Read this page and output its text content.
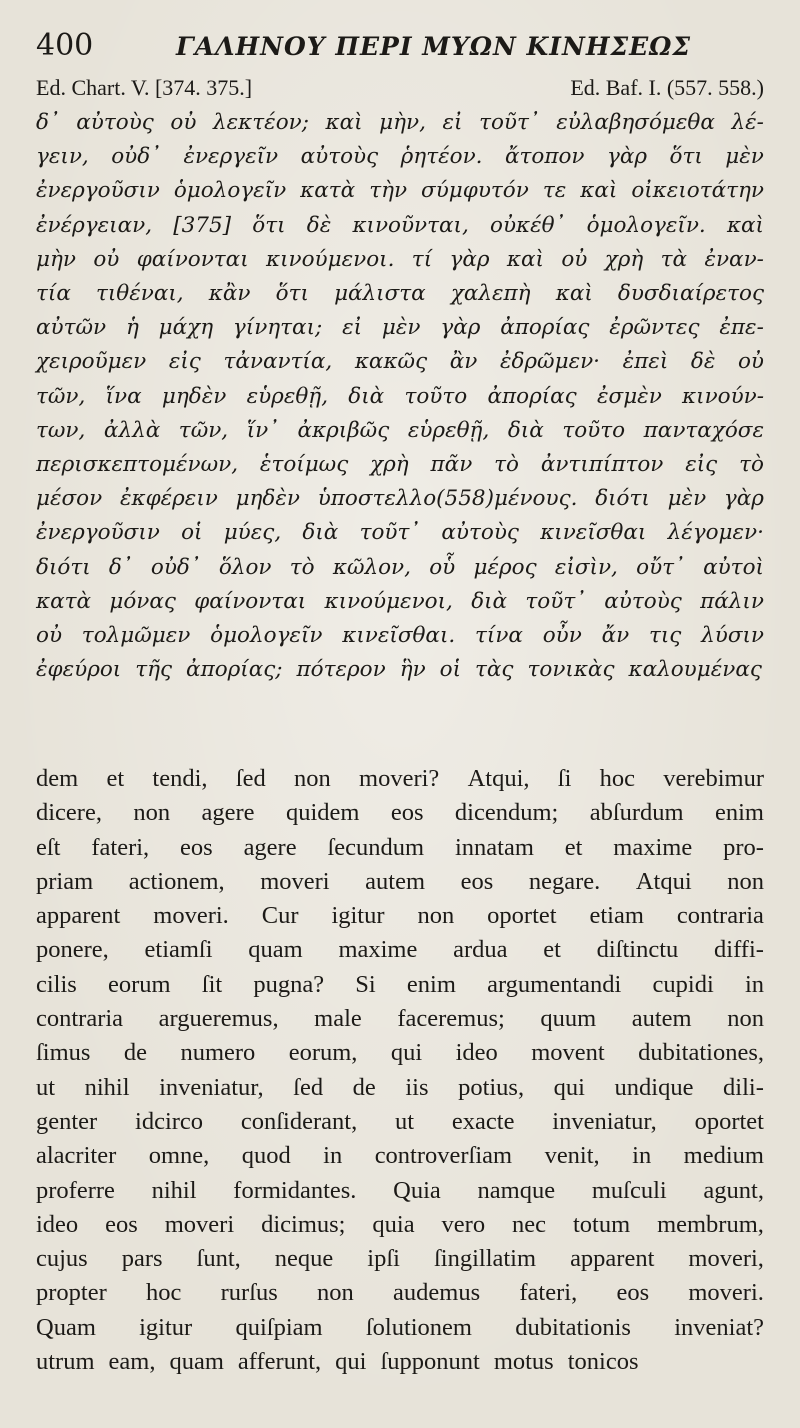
400	ΓΑΛΗΝΟΥ ΠΕΡΙ ΜΥΩΝ ΚΙΝΗΣΕΩΣ
Ed. Chart. V. [374. 375.]	Ed. Baf. I. (557. 558.)
δ᾽ αὐτοὺς οὐ λεκτέον; καὶ μὴν, εἰ τοῦτ᾽ εὐλαβησόμεθα λέ-
γειν, οὐδ᾽ ἐνεργεῖν αὐτοὺς ῥητέον. ἄτοπον γὰρ ὅτι μὲν
ἐνεργοῦσιν ὁμολογεῖν κατὰ τὴν σύμφυτόν τε καὶ οἰκειοτάτην
ἐνέργειαν, [375] ὅτι δὲ κινοῦνται, οὐκέθ᾽ ὁμολογεῖν. καὶ
μὴν οὐ φαίνονται κινούμενοι. τί γὰρ καὶ οὐ χρὴ τὰ ἐναν-
τία τιθέναι, κἂν ὅτι μάλιστα χαλεπὴ καὶ δυσδιαίρετος
αὐτῶν ἡ μάχη γίνηται; εἰ μὲν γὰρ ἀπορίας ἐρῶντες ἐπε-
χειροῦμεν εἰς τἀναντία, κακῶς ἂν ἐδρῶμεν· ἐπεὶ δὲ οὐ
τῶν, ἵνα μηδὲν εὑρεθῇ, διὰ τοῦτο ἀπορίας ἐσμὲν κινούν-
των, ἀλλὰ τῶν, ἵν᾽ ἀκριβῶς εὑρεθῇ, διὰ τοῦτο πανταχόσε
περισκεπτομένων, ἑτοίμως χρὴ πᾶν τὸ ἀντιπίπτον εἰς τὸ
μέσον ἐκφέρειν μηδὲν ὑποστελλο(558)μένους. διότι μὲν γὰρ
ἐνεργοῦσιν οἱ μύες, διὰ τοῦτ᾽ αὐτοὺς κινεῖσθαι λέγομεν·
διότι δ᾽ οὐδ᾽ ὅλον τὸ κῶλον, οὗ μέρος εἰσὶν, οὔτ᾽ αὐτοὶ
κατὰ μόνας φαίνονται κινούμενοι, διὰ τοῦτ᾽ αὐτοὺς πάλιν
οὐ τολμῶμεν ὁμολογεῖν κινεῖσθαι. τίνα οὖν ἄν τις λύσιν
ἐφεύροι τῆς ἀπορίας; πότερον ἣν οἱ τὰς τονικὰς καλουμένας
dem et tendi, ſed non moveri? Atqui, ſi hoc verebimur
dicere, non agere quidem eos dicendum; abſurdum enim
eſt fateri, eos agere ſecundum innatam et maxime pro-
priam actionem, moveri autem eos negare. Atqui non
apparent moveri. Cur igitur non oportet etiam contraria
ponere, etiamſi quam maxime ardua et diſtinctu diffi-
cilis eorum ſit pugna? Si enim argumentandi cupidi in
contraria argueremus, male faceremus; quum autem non
ſimus de numero eorum, qui ideo movent dubitationes,
ut nihil inveniatur, ſed de iis potius, qui undique dili-
genter idcirco conſiderant, ut exacte inveniatur, oportet
alacriter omne, quod in controverſiam venit, in medium
proferre nihil formidantes. Quia namque muſculi agunt,
ideo eos moveri dicimus; quia vero nec totum membrum,
cujus pars ſunt, neque ipſi ſingillatim apparent moveri,
propter hoc rurſus non audemus fateri, eos moveri.
Quam igitur quiſpiam ſolutionem dubitationis inveniat?
utrum eam, quam afferunt, qui ſupponunt motus tonicos
